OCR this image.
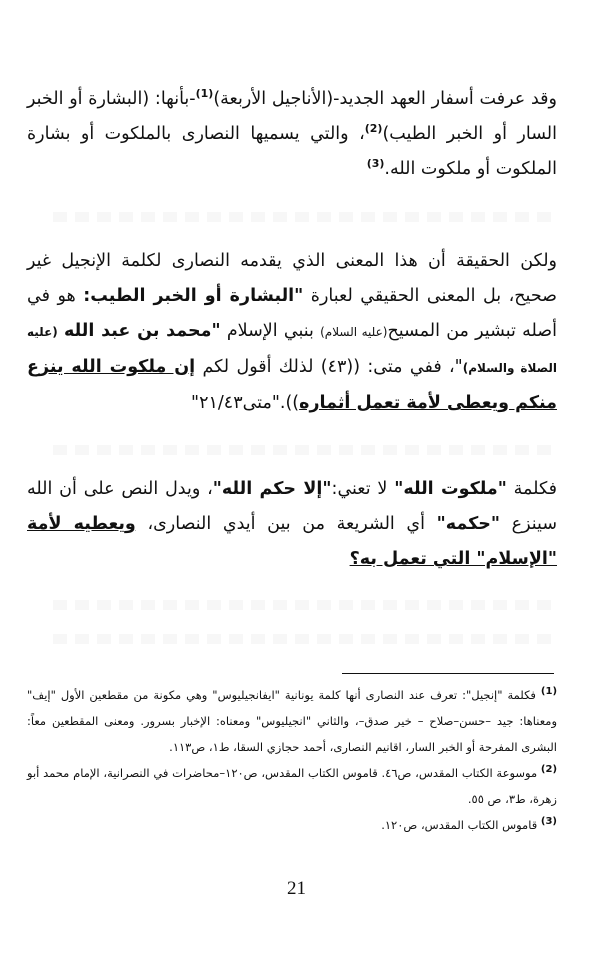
وقد عرفت أسفار العهد الجديد-(الأناجيل الأربعة)$^{(1)}$-بأنها: (البشارة أو الخبر السار أو الخبر الطيب)$^{(2)}$، والتي يسميها النصارى بالملكوت أو بشارة الملكوت أو ملكوت الله.$^{(3)}$
ولكن الحقيقة أن هذا المعنى الذي يقدمه النصارى لكلمة الإنجيل غير صحيح، بل المعنى الحقيقي لعبارة "البشارة أو الخبر الطيب: هو في أصله تبشير من المسيح(عليه السلام) بنبي الإسلام "محمد بن عبد الله (عليه الصلاة والسلام)"، ففي متى: ((٤٣) لذلك أقول لكم إن ملكوت الله ينزع منكم ويعطى لأمة تعمل أثماره))."متى٢١/٤٣"
فكلمة "ملكوت الله" لا تعني:"إلا حكم الله"، ويدل النص على أن الله سينزع "حكمه" أي الشريعة من بين أيدي النصارى، ويعطيه لأمة "الإسلام" التي تعمل به؟
(1) فكلمة "إنجيل": تعرف عند النصارى أنها كلمة يونانية "ايفانجيليوس" وهي مكونة من مقطعين الأول "إيف" ومعناها: جيد –حسن–صلاح – خير صدق–، والثاني "انجيليوس" ومعناه: الإخبار بسرور. ومعنى المقطعين معاً: البشرى المفرحة أو الخبر السار، اقانيم النصارى، أحمد حجازي السقا، ط١، ص١١٣.
(2) موسوعة الكتاب المقدس، ص٤٦. قاموس الكتاب المقدس، ص١٢٠–محاضرات في النصرانية، الإمام محمد أبو زهرة، ط٣، ص ٥٥.
(3) قاموس الكتاب المقدس، ص١٢٠.
21
